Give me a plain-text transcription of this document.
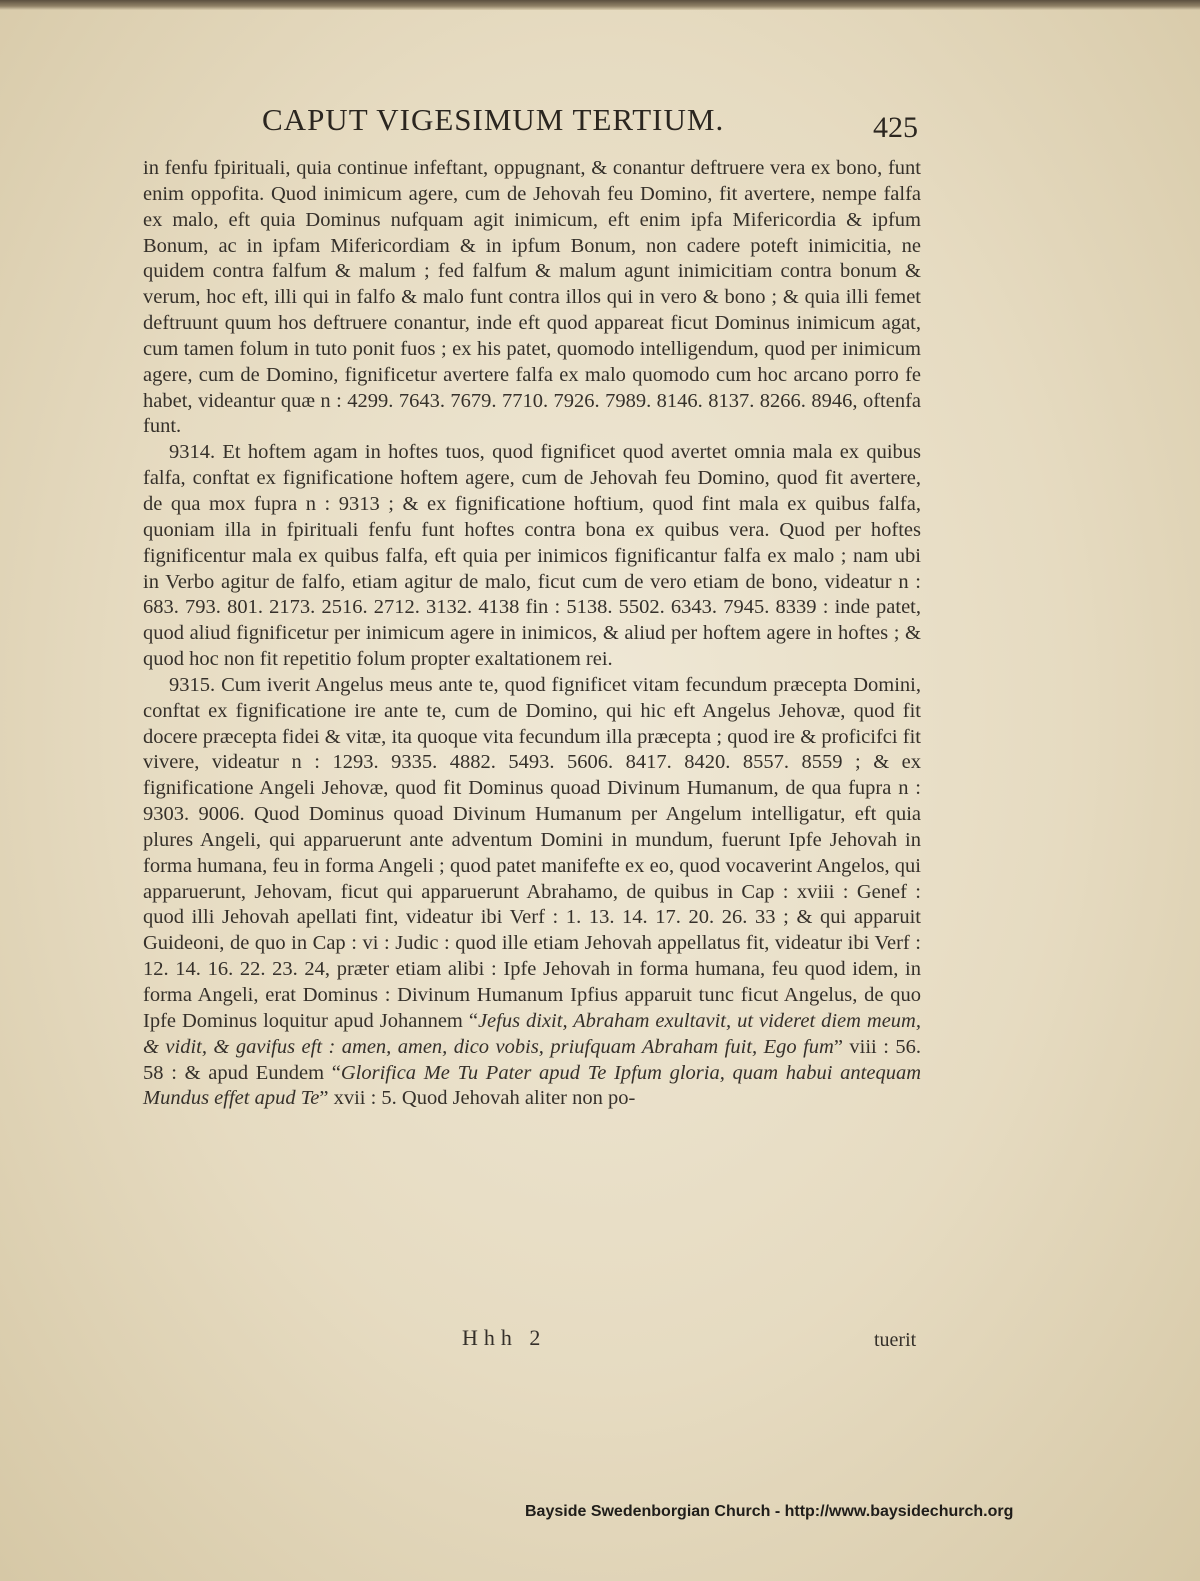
CAPUT VIGESIMUM TERTIUM.	425

in fenfu fpirituali, quia continue infeftant, oppugnant, & conantur deftruere vera ex bono, funt enim oppofita. Quod inimicum agere, cum de Jehovah feu Domino, fit avertere, nempe falfa ex malo, eft quia Dominus nufquam agit inimicum, eft enim ipfa Mifericordia & ipfum Bonum, ac in ipfam Mifericordiam & in ipfum Bonum, non cadere poteft inimicitia, ne quidem contra falfum & malum ; fed falfum & malum agunt inimicitiam contra bonum & verum, hoc eft, illi qui in falfo & malo funt contra illos qui in vero & bono ; & quia illi femet deftruunt quum hos deftruere conantur, inde eft quod appareat ficut Dominus inimicum agat, cum tamen folum in tuto ponit fuos ; ex his patet, quomodo intelligendum, quod per inimicum agere, cum de Domino, fignificetur avertere falfa ex malo quomodo cum hoc arcano porro fe habet, videantur quæ n : 4299. 7643. 7679. 7710. 7926. 7989. 8146. 8137. 8266. 8946, oftenfa funt.

9314. Et hoftem agam in hoftes tuos, quod fignificet quod avertet omnia mala ex quibus falfa, conftat ex fignificatione hoftem agere, cum de Jehovah feu Domino, quod fit avertere, de qua mox fupra n : 9313 ; & ex fignificatione hoftium, quod fint mala ex quibus falfa, quoniam illa in fpirituali fenfu funt hoftes contra bona ex quibus vera. Quod per hoftes fignificentur mala ex quibus falfa, eft quia per inimicos fignificantur falfa ex malo ; nam ubi in Verbo agitur de falfo, etiam agitur de malo, ficut cum de vero etiam de bono, videatur n : 683. 793. 801. 2173. 2516. 2712. 3132. 4138 fin : 5138. 5502. 6343. 7945. 8339 : inde patet, quod aliud fignificetur per inimicum agere in inimicos, & aliud per hoftem agere in hoftes ; & quod hoc non fit repetitio folum propter exaltationem rei.

9315. Cum iverit Angelus meus ante te, quod fignificet vitam fecundum præcepta Domini, conftat ex fignificatione ire ante te, cum de Domino, qui hic eft Angelus Jehovæ, quod fit docere præcepta fidei & vitæ, ita quoque vita fecundum illa præcepta ; quod ire & proficifci fit vivere, videatur n : 1293. 9335. 4882. 5493. 5606. 8417. 8420. 8557. 8559 ; & ex fignificatione Angeli Jehovæ, quod fit Dominus quoad Divinum Humanum, de qua fupra n : 9303. 9006. Quod Dominus quoad Divinum Humanum per Angelum intelligatur, eft quia plures Angeli, qui apparuerunt ante adventum Domini in mundum, fuerunt Ipfe Jehovah in forma humana, feu in forma Angeli ; quod patet manifefte ex eo, quod vocaverint Angelos, qui apparuerunt, Jehovam, ficut qui apparuerunt Abrahamo, de quibus in Cap : xviii : Genef : quod illi Jehovah apellati fint, videatur ibi Verf : 1. 13. 14. 17. 20. 26. 33 ; & qui apparuit Guideoni, de quo in Cap : vi : Judic : quod ille etiam Jehovah appellatus fit, videatur ibi Verf : 12. 14. 16. 22. 23. 24, præter etiam alibi : Ipfe Jehovah in forma humana, feu quod idem, in forma Angeli, erat Dominus : Divinum Humanum Ipfius apparuit tunc ficut Angelus, de quo Ipfe Dominus loquitur apud Johannem “Jefus dixit, Abraham exultavit, ut videret diem meum, & vidit, & gavifus eft : amen, amen, dico vobis, priufquam Abraham fuit, Ego fum” viii : 56. 58 : & apud Eundem “Glorifica Me Tu Pater apud Te Ipfum gloria, quam habui antequam Mundus effet apud Te” xvii : 5. Quod Jehovah aliter non po-

Hhh 2	tuerit
Bayside Swedenborgian Church - http://www.baysidechurch.org
